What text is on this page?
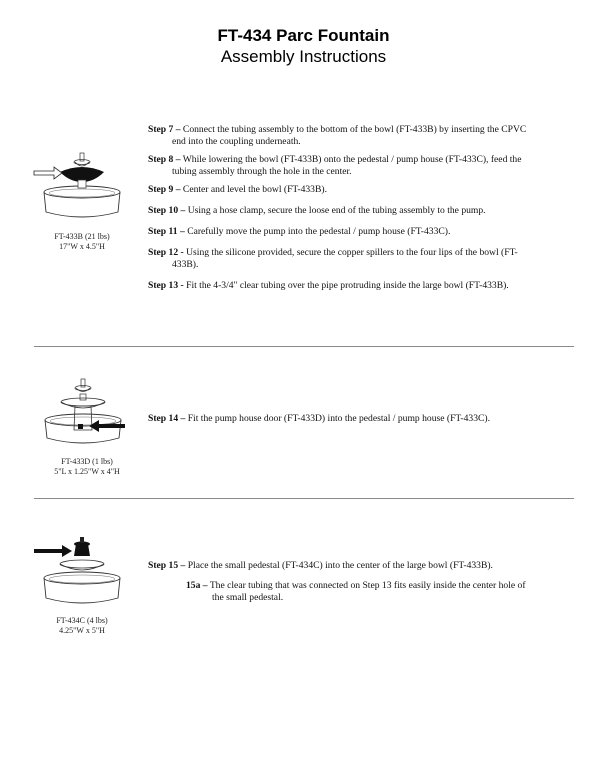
FT-434 Parc Fountain
Assembly Instructions
FT-433B (21 lbs)
17"W x 4.5"H
Step 7 – Connect the tubing assembly to the bottom of the bowl (FT-433B) by inserting the CPVC
end into the coupling underneath.
Step 8 – While lowering the bowl (FT-433B) onto the pedestal / pump house (FT-433C), feed the
tubing assembly through the hole in the center.
Step 9 – Center and level the bowl (FT-433B).
Step 10 – Using a hose clamp, secure the loose end of the tubing assembly to the pump.
Step 11 – Carefully move the pump into the pedestal / pump house (FT-433C).
Step 12 - Using the silicone provided, secure the copper spillers to the four lips of the bowl (FT-
433B).
Step 13 - Fit the 4-3/4" clear tubing over the pipe protruding inside the large bowl (FT-433B).
FT-433D (1 lbs)
5"L x 1.25"W x 4"H
Step 14 – Fit the pump house door (FT-433D) into the pedestal / pump house (FT-433C).
FT-434C (4 lbs)
4.25"W x 5"H
Step 15 – Place the small pedestal (FT-434C) into the center of the large bowl (FT-433B).
15a – The clear tubing that was connected on Step 13 fits easily inside the center hole of
the small pedestal.
